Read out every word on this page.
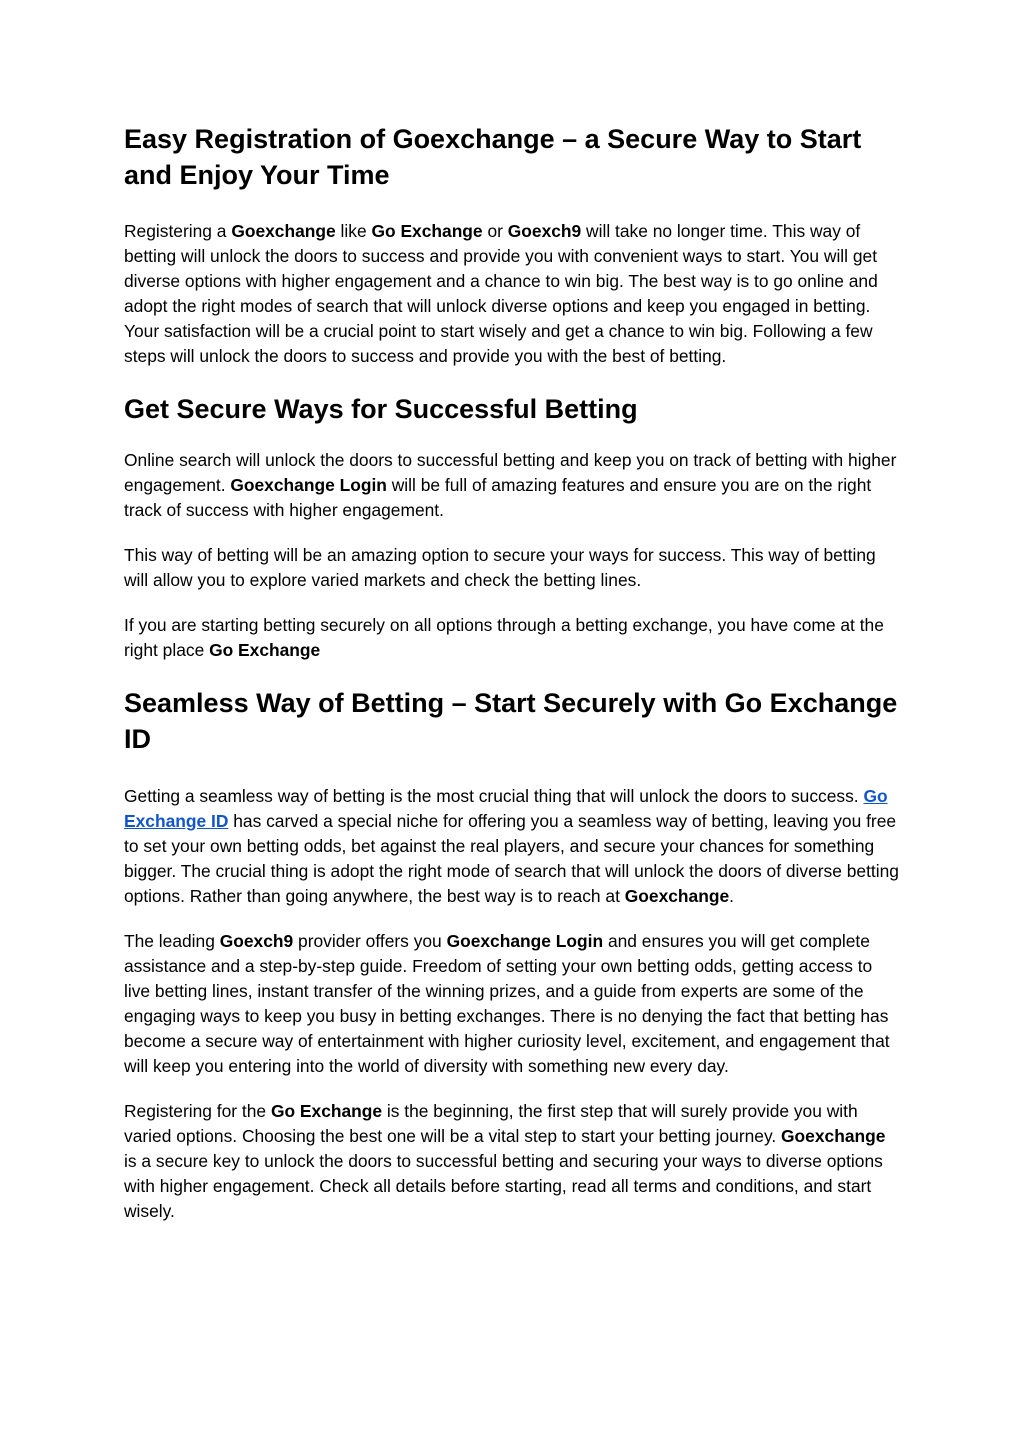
Easy Registration of Goexchange – a Secure Way to Start and Enjoy Your Time

Registering a Goexchange like Go Exchange or Goexch9 will take no longer time. This way of betting will unlock the doors to success and provide you with convenient ways to start. You will get diverse options with higher engagement and a chance to win big. The best way is to go online and adopt the right modes of search that will unlock diverse options and keep you engaged in betting. Your satisfaction will be a crucial point to start wisely and get a chance to win big. Following a few steps will unlock the doors to success and provide you with the best of betting.

Get Secure Ways for Successful Betting

Online search will unlock the doors to successful betting and keep you on track of betting with higher engagement. Goexchange Login will be full of amazing features and ensure you are on the right track of success with higher engagement.

This way of betting will be an amazing option to secure your ways for success. This way of betting will allow you to explore varied markets and check the betting lines.

If you are starting betting securely on all options through a betting exchange, you have come at the right place Go Exchange

Seamless Way of Betting – Start Securely with Go Exchange ID

Getting a seamless way of betting is the most crucial thing that will unlock the doors to success. Go Exchange ID has carved a special niche for offering you a seamless way of betting, leaving you free to set your own betting odds, bet against the real players, and secure your chances for something bigger. The crucial thing is adopt the right mode of search that will unlock the doors of diverse betting options. Rather than going anywhere, the best way is to reach at Goexchange.

The leading Goexch9 provider offers you Goexchange Login and ensures you will get complete assistance and a step-by-step guide. Freedom of setting your own betting odds, getting access to live betting lines, instant transfer of the winning prizes, and a guide from experts are some of the engaging ways to keep you busy in betting exchanges. There is no denying the fact that betting has become a secure way of entertainment with higher curiosity level, excitement, and engagement that will keep you entering into the world of diversity with something new every day.

Registering for the Go Exchange is the beginning, the first step that will surely provide you with varied options. Choosing the best one will be a vital step to start your betting journey. Goexchange is a secure key to unlock the doors to successful betting and securing your ways to diverse options with higher engagement. Check all details before starting, read all terms and conditions, and start wisely.
